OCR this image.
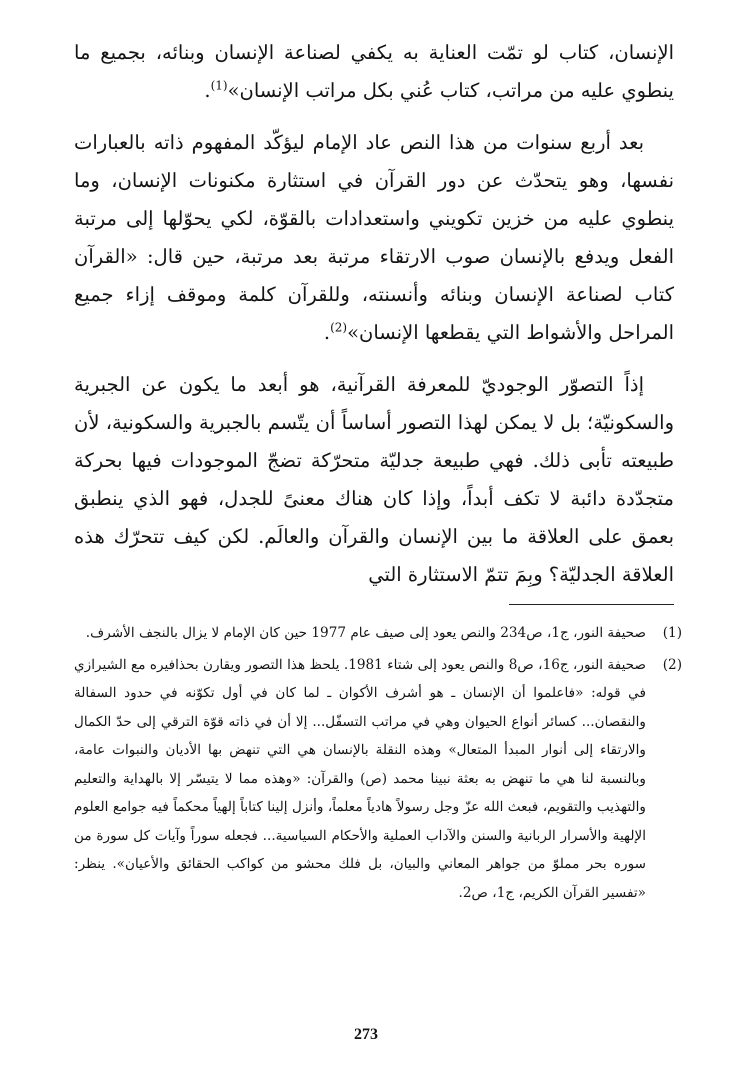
الإنسان، كتاب لو تمّت العناية به يكفي لصناعة الإنسان وبنائه، بجميع ما ينطوي عليه من مراتب، كتاب عُني بكل مراتب الإنسان»$^{(1)}$.

بعد أربع سنوات من هذا النص عاد الإمام ليؤكّد المفهوم ذاته بالعبارات نفسها، وهو يتحدّث عن دور القرآن في استثارة مكنونات الإنسان، وما ينطوي عليه من خزين تكويني واستعدادات بالقوّة، لكي يحوّلها إلى مرتبة الفعل ويدفع بالإنسان صوب الارتقاء مرتبة بعد مرتبة، حين قال: «القرآن كتاب لصناعة الإنسان وبنائه وأنسنته، وللقرآن كلمة وموقف إزاء جميع المراحل والأشواط التي يقطعها الإنسان»$^{(2)}$.

إذاً التصوّر الوجوديّ للمعرفة القرآنية، هو أبعد ما يكون عن الجبرية والسكونيّة؛ بل لا يمكن لهذا التصور أساساً أن يتّسم بالجبرية والسكونية، لأن طبيعته تأبى ذلك. فهي طبيعة جدليّة متحرّكة تضجّ الموجودات فيها بحركة متجدّدة دائبة لا تكف أبداً، وإذا كان هناك معنىً للجدل، فهو الذي ينطبق بعمق على العلاقة ما بين الإنسان والقرآن والعالَم. لكن كيف تتحرّك هذه العلاقة الجدليّة؟ وبِمَ تتمّ الاستثارة التي

(1)
صحيفة النور، ج1، ص234 والنص يعود إلى صيف عام 1977 حين كان الإمام لا يزال بالنجف الأشرف.
(2)
صحيفة النور، ج16، ص8 والنص يعود إلى شتاء 1981. يلحظ هذا التصور ويقارن بحذافيره مع الشيرازي في قوله: «فاعلموا أن الإنسان ـ هو أشرف الأكوان ـ لما كان في أول تكوّنه في حدود السفالة والنقصان... كسائر أنواع الحيوان وهي في مراتب التسفّل... إلا أن في ذاته قوّة الترقي إلى حدّ الكمال والارتقاء إلى أنوار المبدأ المتعال» وهذه النقلة بالإنسان هي التي تنهض بها الأديان والنبوات عامة، وبالنسبة لنا هي ما تنهض به بعثة نبينا محمد (ص) والقرآن: «وهذه مما لا يتيسّر إلا بالهداية والتعليم والتهذيب والتقويم، فبعث الله عزّ وجل رسولاً هادياً معلماً، وأنزل إلينا كتاباً إلهياً محكماً فيه جوامع العلوم الإلهية والأسرار الربانية والسنن والآداب العملية والأحكام السياسية... فجعله سوراً وآيات كل سورة من سوره بحر مملوّ من جواهر المعاني والبيان، بل فلك محشو من كواكب الحقائق والأعيان». ينظر: «تفسير القرآن الكريم، ج1، ص2.
273
